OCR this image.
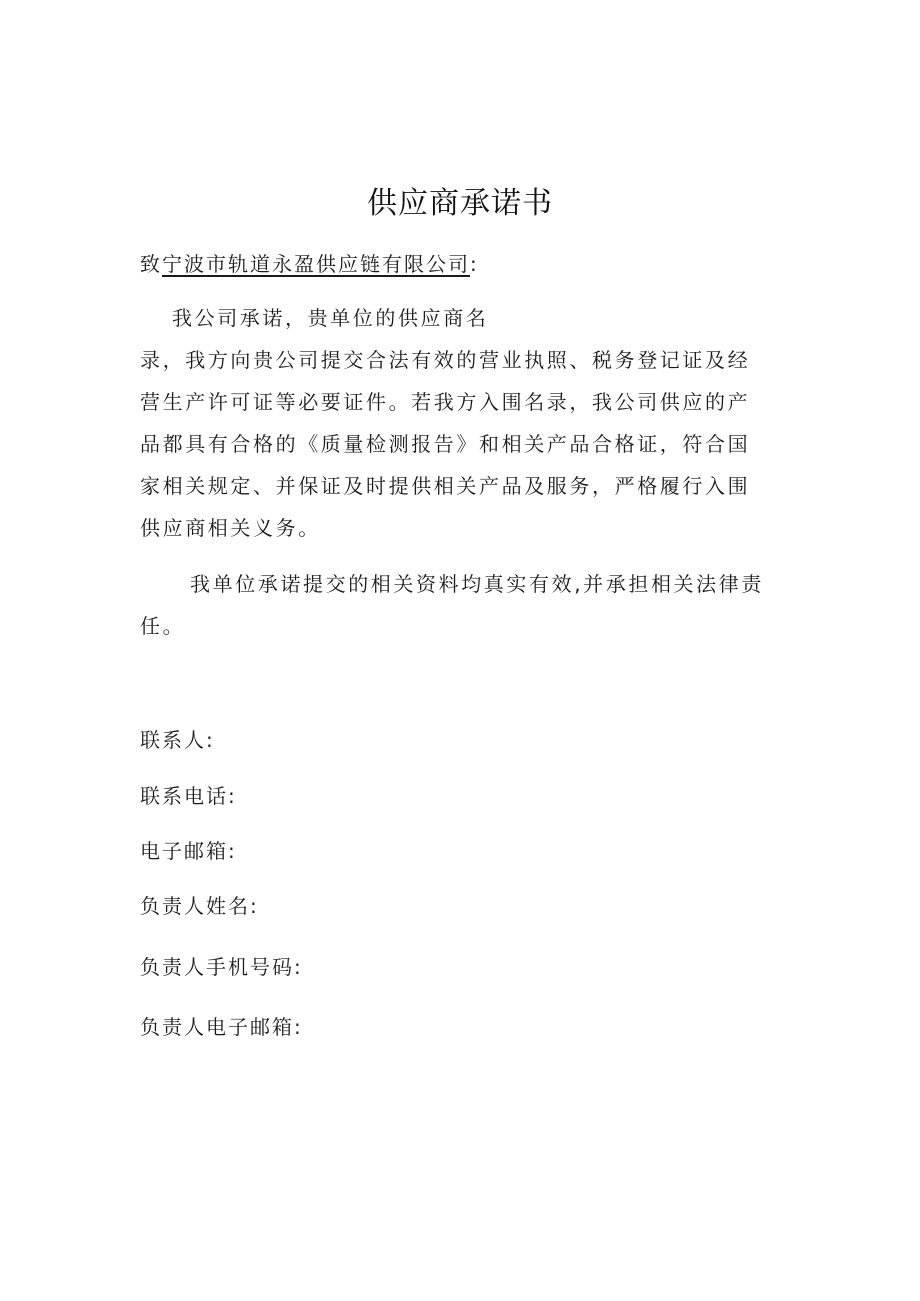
供应商承诺书
致宁波市轨道永盈供应链有限公司:
我公司承诺，贵单位的供应商名
录，我方向贵公司提交合法有效的营业执照、税务登记证及经
营生产许可证等必要证件。若我方入围名录，我公司供应的产
品都具有合格的《质量检测报告》和相关产品合格证，符合国
家相关规定、并保证及时提供相关产品及服务，严格履行入围
供应商相关义务。
我单位承诺提交的相关资料均真实有效,并承担相关法律责
任。
联系人:
联系电话:
电子邮箱:
负责人姓名:
负责人手机号码:
负责人电子邮箱:
